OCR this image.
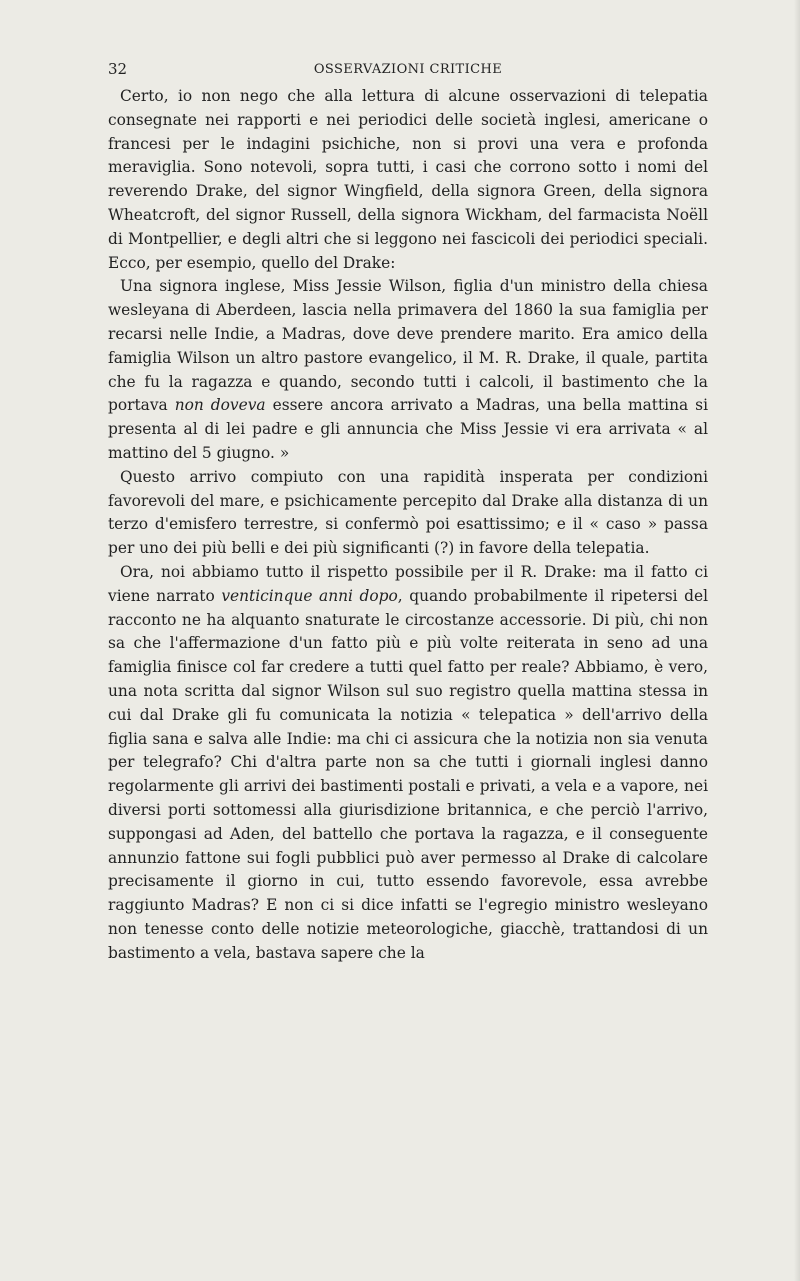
32	OSSERVAZIONI CRITICHE

Certo, io non nego che alla lettura di alcune osservazioni di telepatia consegnate nei rapporti e nei periodici delle società inglesi, americane o francesi per le indagini psichiche, non si provi una vera e profonda meraviglia. Sono notevoli, sopra tutti, i casi che corrono sotto i nomi del reverendo Drake, del signor Wingfield, della signora Green, della signora Wheatcroft, del signor Russell, della signora Wickham, del farmacista Noëll di Montpellier, e degli altri che si leggono nei fascicoli dei periodici speciali. Ecco, per esempio, quello del Drake:

Una signora inglese, Miss Jessie Wilson, figlia d'un ministro della chiesa wesleyana di Aberdeen, lascia nella primavera del 1860 la sua famiglia per recarsi nelle Indie, a Madras, dove deve prendere marito. Era amico della famiglia Wilson un altro pastore evangelico, il M. R. Drake, il quale, partita che fu la ragazza e quando, secondo tutti i calcoli, il bastimento che la portava non doveva essere ancora arrivato a Madras, una bella mattina si presenta al di lei padre e gli annuncia che Miss Jessie vi era arrivata « al mattino del 5 giugno. »

Questo arrivo compiuto con una rapidità insperata per condizioni favorevoli del mare, e psichicamente percepito dal Drake alla distanza di un terzo d'emisfero terrestre, si confermò poi esattissimo; e il « caso » passa per uno dei più belli e dei più significanti (?) in favore della telepatia.

Ora, noi abbiamo tutto il rispetto possibile per il R. Drake: ma il fatto ci viene narrato venticinque anni dopo, quando probabilmente il ripetersi del racconto ne ha alquanto snaturate le circostanze accessorie. Di più, chi non sa che l'affermazione d'un fatto più e più volte reiterata in seno ad una famiglia finisce col far credere a tutti quel fatto per reale? Abbiamo, è vero, una nota scritta dal signor Wilson sul suo registro quella mattina stessa in cui dal Drake gli fu comunicata la notizia « telepatica » dell'arrivo della figlia sana e salva alle Indie: ma chi ci assicura che la notizia non sia venuta per telegrafo? Chi d'altra parte non sa che tutti i giornali inglesi danno regolarmente gli arrivi dei bastimenti postali e privati, a vela e a vapore, nei diversi porti sottomessi alla giurisdizione britannica, e che perciò l'arrivo, suppongasi ad Aden, del battello che portava la ragazza, e il conseguente annunzio fattone sui fogli pubblici può aver permesso al Drake di calcolare precisamente il giorno in cui, tutto essendo favorevole, essa avrebbe raggiunto Madras? E non ci si dice infatti se l'egregio ministro wesleyano non tenesse conto delle notizie meteorologiche, giacchè, trattandosi di un bastimento a vela, bastava sapere che la
